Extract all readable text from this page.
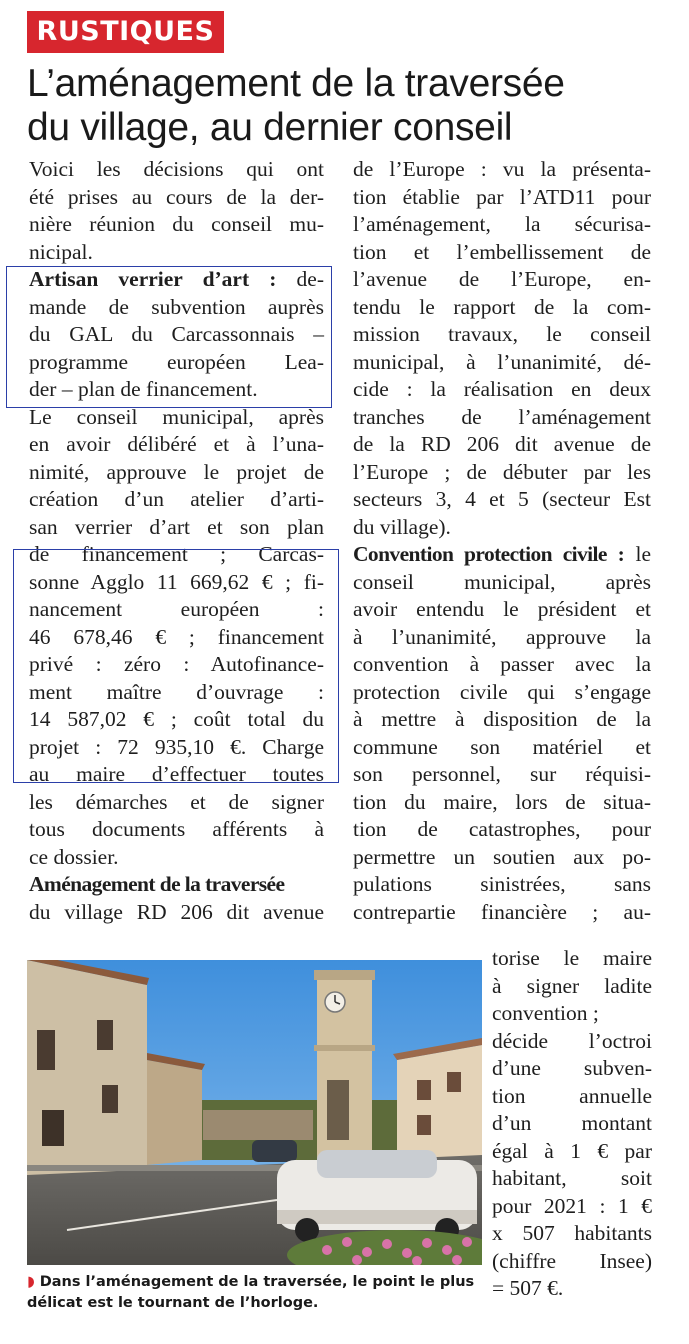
RUSTIQUES
L’aménagement de la traversée
du village, au dernier conseil
Voici les décisions qui ont
été prises au cours de la der-
nière réunion du conseil mu-
nicipal.
Artisan verrier d’art : de-
mande de subvention auprès
du GAL du Carcassonnais –
programme européen Lea-
der – plan de financement.
Le conseil municipal, après
en avoir délibéré et à l’una-
nimité, approuve le projet de
création d’un atelier d’arti-
san verrier d’art et son plan
de financement ; Carcas-
sonne Agglo 11 669,62 € ; fi-
nancement européen :
46 678,46 € ; financement
privé : zéro : Autofinance-
ment maître d’ouvrage :
14 587,02 € ; coût total du
projet : 72 935,10 €. Charge
au maire d’effectuer toutes
les démarches et de signer
tous documents afférents à
ce dossier.
Aménagement de la traversée
du village RD 206 dit avenue
de l’Europe : vu la présenta-
tion établie par l’ATD11 pour
l’aménagement, la sécurisa-
tion et l’embellissement de
l’avenue de l’Europe, en-
tendu le rapport de la com-
mission travaux, le conseil
municipal, à l’unanimité, dé-
cide : la réalisation en deux
tranches de l’aménagement
de la RD 206 dit avenue de
l’Europe ; de débuter par les
secteurs 3, 4 et 5 (secteur Est
du village).
Convention protection civile : le
conseil municipal, après
avoir entendu le président et
à l’unanimité, approuve la
convention à passer avec la
protection civile qui s’engage
à mettre à disposition de la
commune son matériel et
son personnel, sur réquisi-
tion du maire, lors de situa-
tion de catastrophes, pour
permettre un soutien aux po-
pulations sinistrées, sans
contrepartie financière ; au-
torise le maire
à signer ladite
convention ;
décide l’octroi
d’une subven-
tion annuelle
d’un montant
égal à 1 € par
habitant, soit
pour 2021 : 1 €
x 507 habitants
(chiffre Insee)
= 507 €.
◗ Dans l’aménagement de la traversée, le point le plus délicat est le tournant de l’horloge.
